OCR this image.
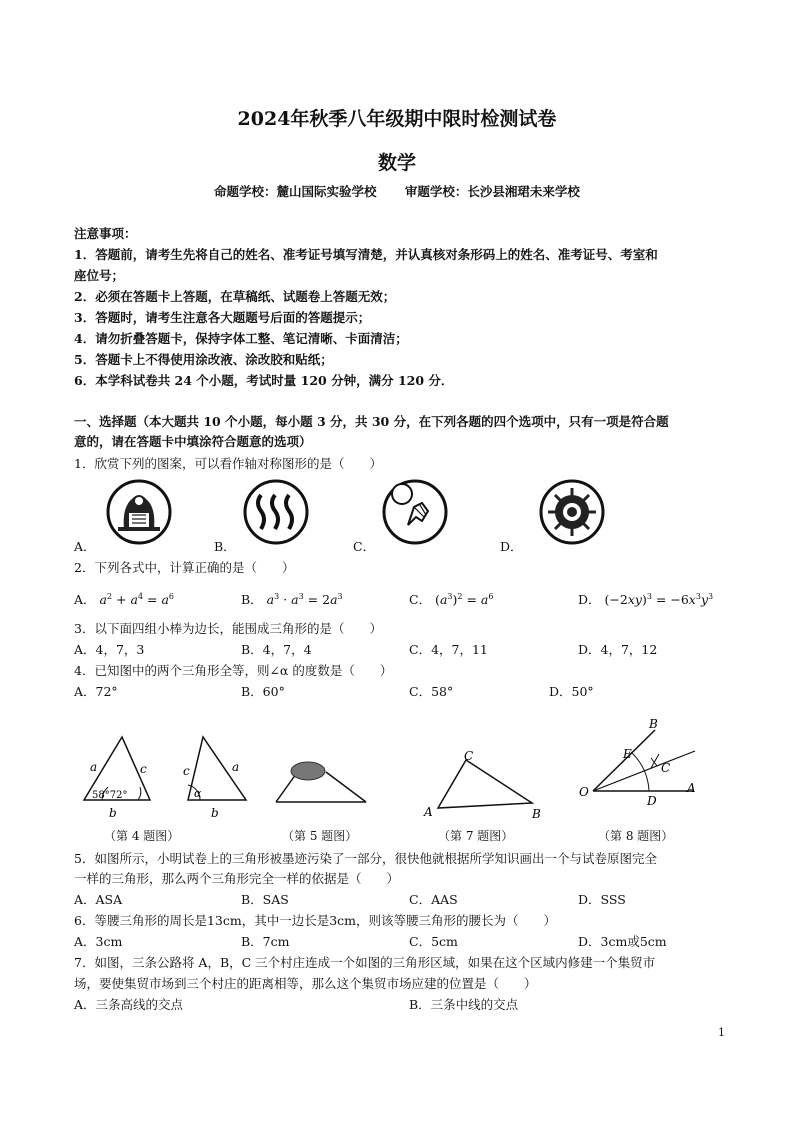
2024年秋季八年级期中限时检测试卷
数学
命题学校：麓山国际实验学校 审题学校：长沙县湘珺未来学校
注意事项：
1．答题前，请考生先将自己的姓名、准考证号填写清楚，并认真核对条形码上的姓名、准考证号、考室和
座位号；
2．必须在答题卡上答题，在草稿纸、试题卷上答题无效；
3．答题时，请考生注意各大题题号后面的答题提示；
4．请勿折叠答题卡，保持字体工整、笔记清晰、卡面清洁；
5．答题卡上不得使用涂改液、涂改胶和贴纸；
6．本学科试卷共 24 个小题，考试时量 120 分钟，满分 120 分．
一、选择题（本大题共 10 个小题，每小题 3 分，共 30 分，在下列各题的四个选项中，只有一项是符合题
意的，请在答题卡中填涂符合题意的选项）
1．欣赏下列的图案，可以看作轴对称图形的是（　　）
A．	B．	C．	D．
2．下列各式中，计算正确的是（　　）
A． $a^2 + a^4 = a^6$	B． $a^3 \cdot a^3 = 2a^3$	C． $(a^3)^2 = a^6$	D． $(-2xy)^3 = -6x^3y^3$
3．以下面四组小棒为边长，能围成三角形的是（　　）
A．4，7，3	B．4，7，4	C．4，7，11	D．4，7，12
4．已知图中的两个三角形全等，则∠α 的度数是（　　）
A．72°	B．60°	C．58°	D．50°
a	c
b
58°72°
c	a
b
α
C
A	B
B
E
C
A
O
D
（第 4 题图）	（第 5 题图）	（第 7 题图）	（第 8 题图）
5．如图所示，小明试卷上的三角形被墨迹污染了一部分，很快他就根据所学知识画出一个与试卷原图完全
一样的三角形，那么两个三角形完全一样的依据是（　　）
A．ASA	B．SAS	C．AAS	D．SSS
6．等腰三角形的周长是13cm，其中一边长是3cm，则该等腰三角形的腰长为（　　）
A．3cm	B．7cm	C．5cm	D．3cm或5cm
7．如图，三条公路将 A，B，C 三个村庄连成一个如图的三角形区域，如果在这个区域内修建一个集贸市
场，要使集贸市场到三个村庄的距离相等，那么这个集贸市场应建的位置是（　　）
A．三条高线的交点	B．三条中线的交点
1
